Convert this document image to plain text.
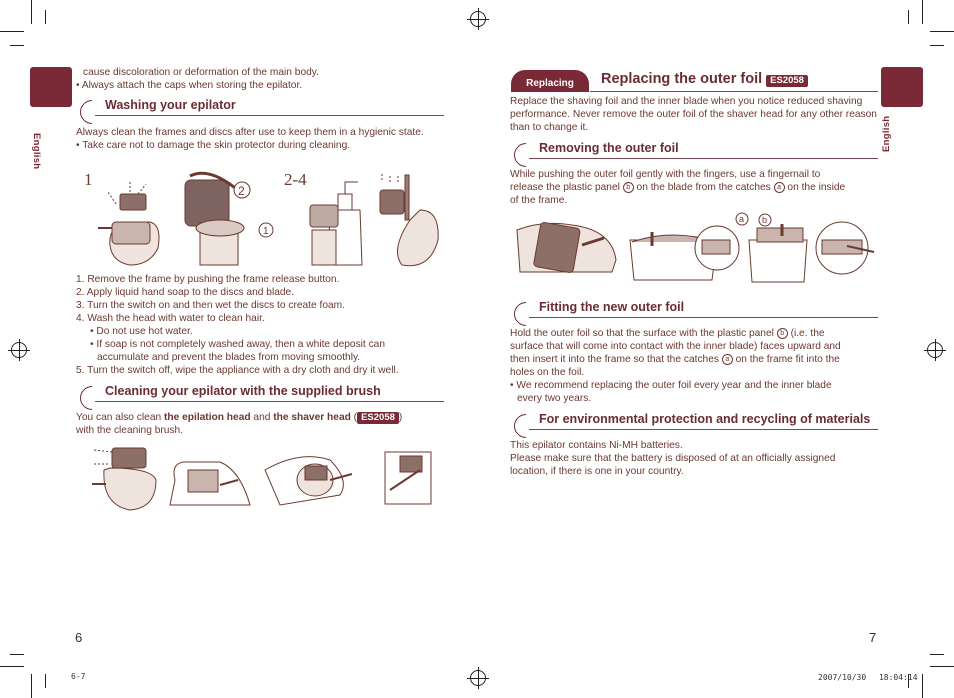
English
cause discoloration or deformation of the main body.
• Always attach the caps when storing the epilator.
Washing your epilator
Always clean the frames and discs after use to keep them in a hygienic state.
• Take care not to damage the skin protector during cleaning.
1	2-4
2
1
1. Remove the frame by pushing the frame release button.
2. Apply liquid hand soap to the discs and blade.
3. Turn the switch on and then wet the discs to create foam.
4. Wash the head with water to clean hair.
• Do not use hot water.
• If soap is not completely washed away, then a white deposit can
accumulate and prevent the blades from moving smoothly.
5. Turn the switch off, wipe the appliance with a dry cloth and dry it well.
Cleaning your epilator with the supplied brush
You can also clean the epilation head and the shaver head ( ES2058 )
with the cleaning brush.
6
English
Replacing	Replacing the outer foil ES2058
Replace the shaving foil and the inner blade when you notice reduced shaving performance. Never remove the outer foil of the shaver head for any other reason than to change it.
Removing the outer foil
While pushing the outer foil gently with the fingers, use a fingernail to
release the plastic panel b on the blade from the catches a on the inside
of the frame.
a b
Fitting the new outer foil
Hold the outer foil so that the surface with the plastic panel b (i.e. the
surface that will come into contact with the inner blade) faces upward and
then insert it into the frame so that the catches a on the frame fit into the
holes on the foil.
• We recommend replacing the outer foil every year and the inner blade
every two years.
For environmental protection and recycling of materials
This epilator contains Ni-MH batteries.
Please make sure that the battery is disposed of at an officially assigned
location, if there is one in your country.
7
6-7	2007/10/30　 18:04:14
